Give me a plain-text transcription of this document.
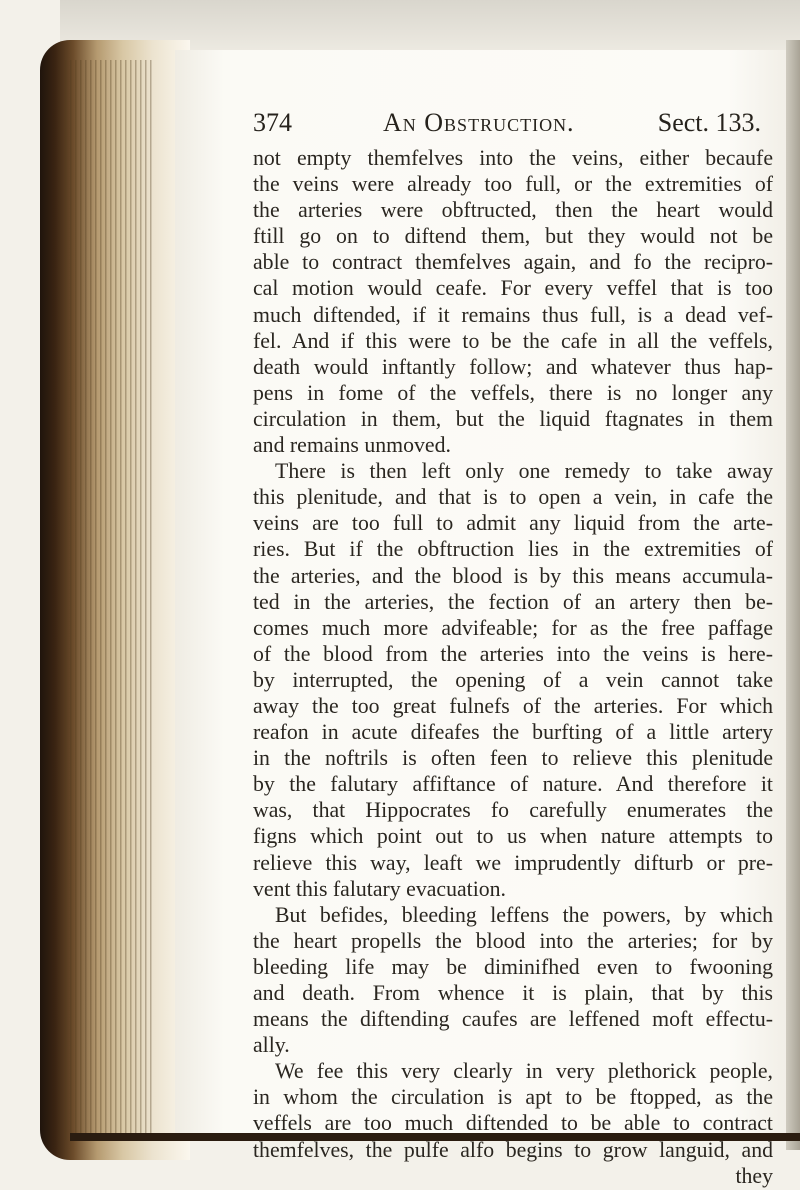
374	An Obstruction.	Sect. 133.
not empty themfelves into the veins, either becaufe
the veins were already too full, or the extremities of
the arteries were obftructed, then the heart would
ftill go on to diftend them, but they would not be
able to contract themfelves again, and fo the recipro-
cal motion would ceafe. For every veffel that is too
much diftended, if it remains thus full, is a dead vef-
fel. And if this were to be the cafe in all the veffels,
death would inftantly follow; and whatever thus hap-
pens in fome of the veffels, there is no longer any
circulation in them, but the liquid ftagnates in them
and remains unmoved.
There is then left only one remedy to take away
this plenitude, and that is to open a vein, in cafe the
veins are too full to admit any liquid from the arte-
ries. But if the obftruction lies in the extremities of
the arteries, and the blood is by this means accumula-
ted in the arteries, the fection of an artery then be-
comes much more advifeable; for as the free paffage
of the blood from the arteries into the veins is here-
by interrupted, the opening of a vein cannot take
away the too great fulnefs of the arteries. For which
reafon in acute difeafes the burfting of a little artery
in the noftrils is often feen to relieve this plenitude
by the falutary affiftance of nature. And therefore it
was, that Hippocrates fo carefully enumerates the
figns which point out to us when nature attempts to
relieve this way, leaft we imprudently difturb or pre-
vent this falutary evacuation.
But befides, bleeding leffens the powers, by which
the heart propells the blood into the arteries; for by
bleeding life may be diminifhed even to fwooning
and death. From whence it is plain, that by this
means the diftending caufes are leffened moft effectu-
ally.
We fee this very clearly in very plethorick people,
in whom the circulation is apt to be ftopped, as the
veffels are too much diftended to be able to contract
themfelves, the pulfe alfo begins to grow languid, and
they
